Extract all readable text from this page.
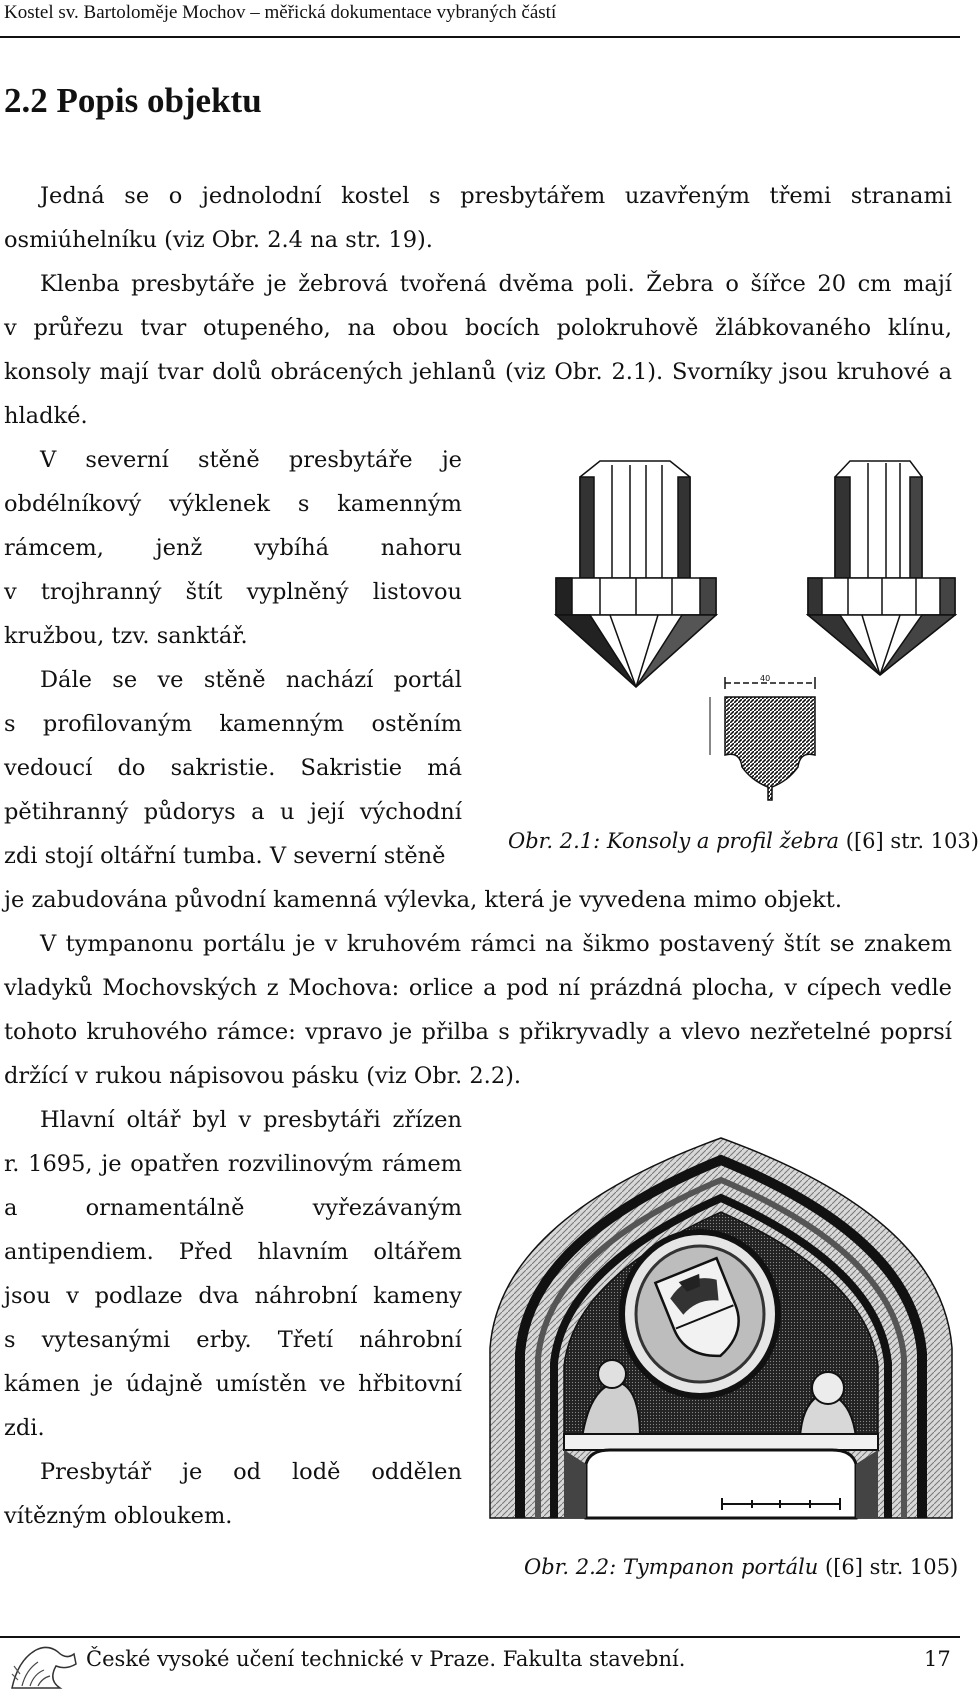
Kostel sv. Bartoloměje Mochov – měřická dokumentace vybraných částí
2.2 Popis objektu

Jedná se o jednolodní kostel s presbytářem uzavřeným třemi stranami

osmiúhelníku (viz Obr. 2.4 na str. 19).

Klenba presbytáře je žebrová tvořená dvěma poli. Žebra o šířce 20 cm mají

v průřezu tvar otupeného, na obou bocích polokruhově žlábkovaného klínu,

konsoly mají tvar dolů obrácených jehlanů (viz Obr. 2.1). Svorníky jsou kruhové a

hladké.

V severní stěně presbytáře je

obdélníkový výklenek s kamenným

rámcem, jenž vybíhá nahoru

v trojhranný štít vyplněný listovou

kružbou, tzv. sanktář.

Dále se ve stěně nachází portál

s profilovaným kamenným ostěním

vedoucí do sakristie. Sakristie má

pětihranný půdorys a u její východní

zdi stojí oltářní tumba. V severní stěně

je zabudována původní kamenná výlevka, která je vyvedena mimo objekt.

40
Obr. 2.1: Konsoly a profil žebra ([6] str. 103)

V tympanonu portálu je v kruhovém rámci na šikmo postavený štít se znakem

vladyků Mochovských z Mochova: orlice a pod ní prázdná plocha, v cípech vedle

tohoto kruhového rámce: vpravo je přilba s přikryvadly a vlevo nezřetelné poprsí

držící v rukou nápisovou pásku (viz Obr. 2.2).

Hlavní oltář byl v presbytáři zřízen

r. 1695, je opatřen rozvilinovým rámem

a ornamentálně vyřezávaným

antipendiem. Před hlavním oltářem

jsou v podlaze dva náhrobní kameny

s vytesanými erby. Třetí náhrobní

kámen je údajně umístěn ve hřbitovní

zdi.

Presbytář je od lodě oddělen

vítězným obloukem.

Obr. 2.2: Tympanon portálu ([6] str. 105)
České vysoké učení technické v Praze. Fakulta stavební.	17
